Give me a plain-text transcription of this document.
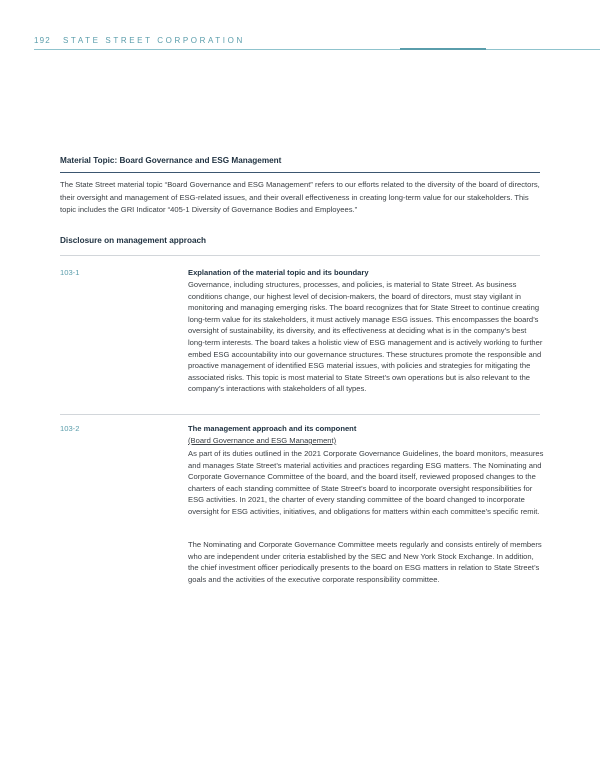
192 STATE STREET CORPORATION
Material Topic: Board Governance and ESG Management
The State Street material topic “Board Governance and ESG Management” refers to our efforts related to the diversity of the board of directors, their oversight and management of ESG-related issues, and their overall effectiveness in creating long-term value for our stakeholders. This topic includes the GRI Indicator “405-1 Diversity of Governance Bodies and Employees.”
Disclosure on management approach
103-1	Explanation of the material topic and its boundary
Governance, including structures, processes, and policies, is material to State Street. As business conditions change, our highest level of decision-makers, the board of directors, must stay vigilant in monitoring and managing emerging risks. The board recognizes that for State Street to continue creating long-term value for its stakeholders, it must actively manage ESG issues. This encompasses the board’s oversight of sustainability, its diversity, and its effectiveness at deciding what is in the company’s best long-term interests. The board takes a holistic view of ESG management and is actively working to further embed ESG accountability into our governance structures. These structures promote the responsible and proactive management of identified ESG material issues, with policies and strategies for mitigating the associated risks. This topic is most material to State Street’s own operations but is also relevant to the company’s interactions with stakeholders of all types.
103-2	The management approach and its component
(Board Governance and ESG Management)
As part of its duties outlined in the 2021 Corporate Governance Guidelines, the board monitors, measures and manages State Street’s material activities and practices regarding ESG matters. The Nominating and Corporate Governance Committee of the board, and the board itself, reviewed proposed changes to the charters of each standing committee of State Street’s board to incorporate oversight responsibilities for ESG activities. In 2021, the charter of every standing committee of the board changed to incorporate oversight for ESG activities, initiatives, and obligations for matters within each committee’s specific remit.
The Nominating and Corporate Governance Committee meets regularly and consists entirely of members who are independent under criteria established by the SEC and New York Stock Exchange. In addition, the chief investment officer periodically presents to the board on ESG matters in relation to State Street’s goals and the activities of the executive corporate responsibility committee.
